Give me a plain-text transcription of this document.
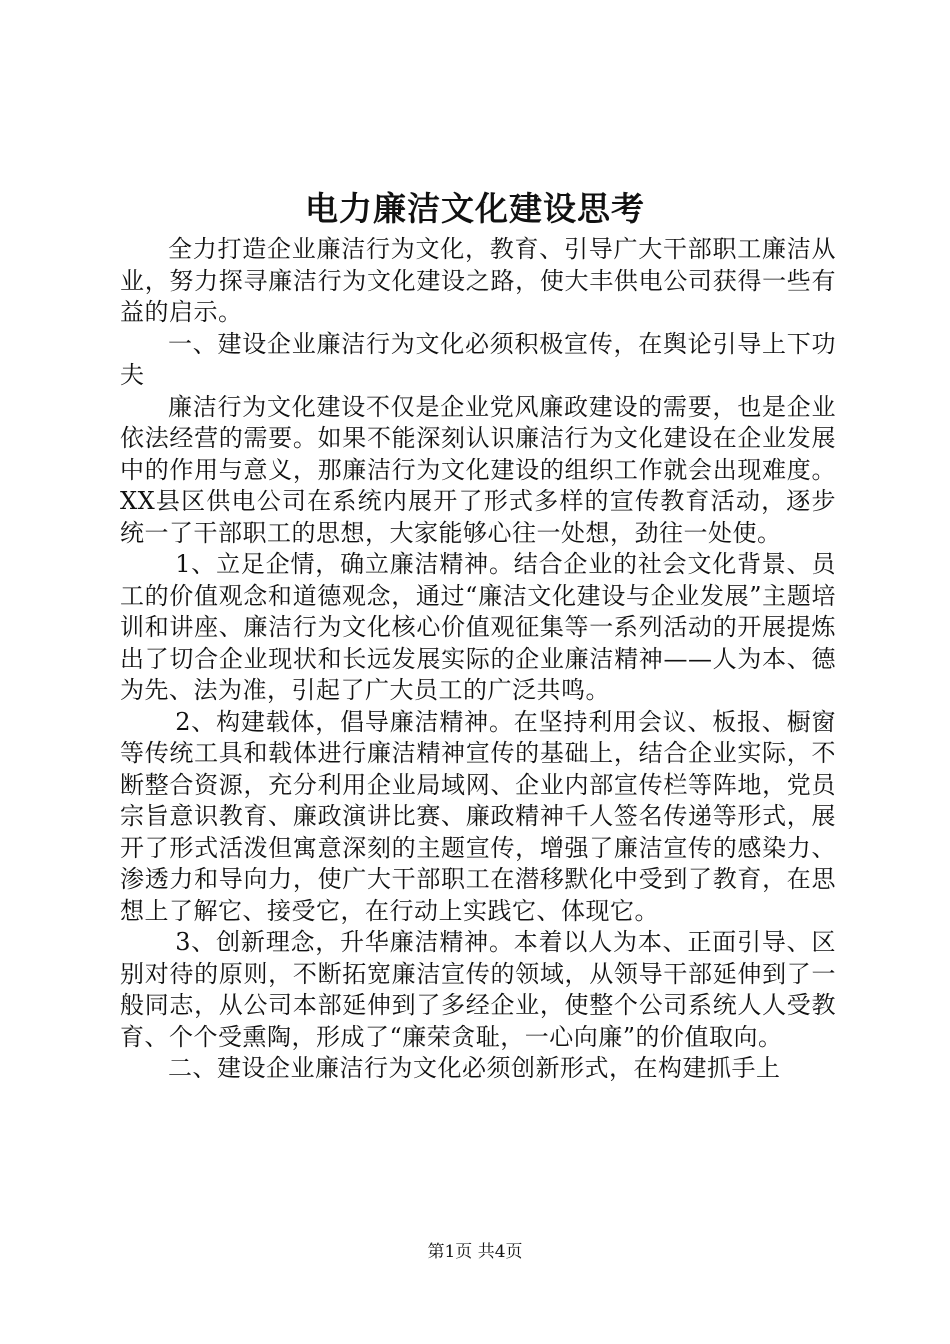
电力廉洁文化建设思考

全力打造企业廉洁行为文化，教育、引导广大干部职工廉洁从业，努力探寻廉洁行为文化建设之路，使大丰供电公司获得一些有益的启示。

一、建设企业廉洁行为文化必须积极宣传，在舆论引导上下功夫

廉洁行为文化建设不仅是企业党风廉政建设的需要，也是企业依法经营的需要。如果不能深刻认识廉洁行为文化建设在企业发展中的作用与意义，那廉洁行为文化建设的组织工作就会出现难度。XX县区供电公司在系统内展开了形式多样的宣传教育活动，逐步统一了干部职工的思想，大家能够心往一处想，劲往一处使。

1、立足企情，确立廉洁精神。结合企业的社会文化背景、员工的价值观念和道德观念，通过“廉洁文化建设与企业发展”主题培训和讲座、廉洁行为文化核心价值观征集等一系列活动的开展提炼出了切合企业现状和长远发展实际的企业廉洁精神——人为本、德为先、法为准，引起了广大员工的广泛共鸣。

2、构建载体，倡导廉洁精神。在坚持利用会议、板报、橱窗等传统工具和载体进行廉洁精神宣传的基础上，结合企业实际，不断整合资源，充分利用企业局域网、企业内部宣传栏等阵地，党员宗旨意识教育、廉政演讲比赛、廉政精神千人签名传递等形式，展开了形式活泼但寓意深刻的主题宣传，增强了廉洁宣传的感染力、渗透力和导向力，使广大干部职工在潜移默化中受到了教育，在思想上了解它、接受它，在行动上实践它、体现它。

3、创新理念，升华廉洁精神。本着以人为本、正面引导、区别对待的原则，不断拓宽廉洁宣传的领域，从领导干部延伸到了一般同志，从公司本部延伸到了多经企业，使整个公司系统人人受教育、个个受熏陶，形成了“廉荣贪耻，一心向廉”的价值取向。

二、建设企业廉洁行为文化必须创新形式，在构建抓手上

第1页 共4页
